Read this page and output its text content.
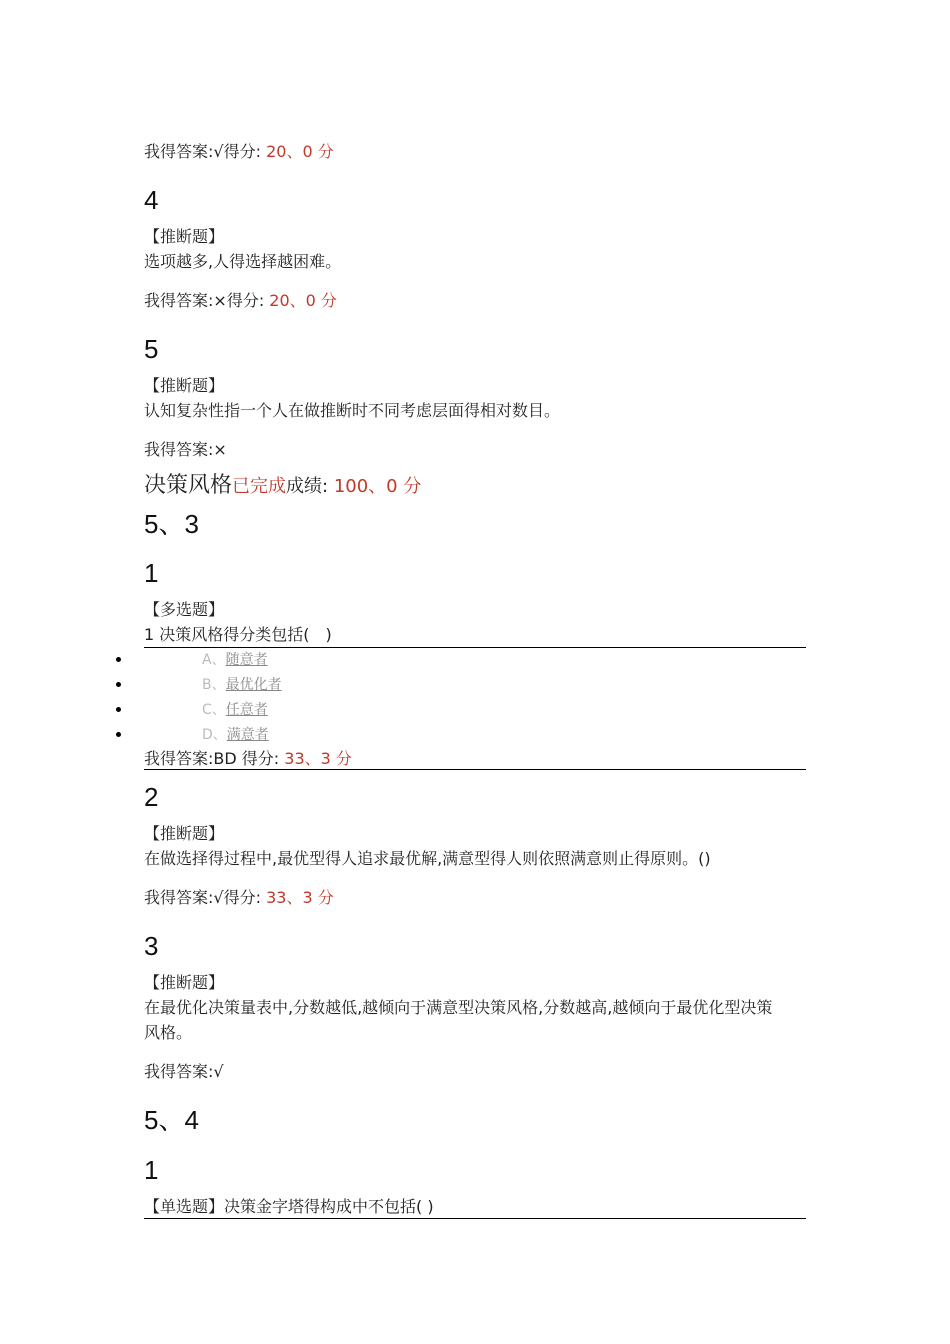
我得答案:√得分: 20、0 分
4
【推断题】
选项越多,人得选择越困难。
我得答案:×得分: 20、0 分
5
【推断题】
认知复杂性指一个人在做推断时不同考虑层面得相对数目。
我得答案:×
决策风格已完成成绩: 100、0 分
5、3
1
【多选题】
1 决策风格得分类包括(　)
A、随意者
B、最优化者
C、任意者
D、满意者
我得答案:BD 得分: 33、3 分
2
【推断题】
在做选择得过程中,最优型得人追求最优解,满意型得人则依照满意则止得原则。()
我得答案:√得分: 33、3 分
3
【推断题】
在最优化决策量表中,分数越低,越倾向于满意型决策风格,分数越高,越倾向于最优化型决策
风格。
我得答案:√
5、4
1
【单选题】决策金字塔得构成中不包括( )
